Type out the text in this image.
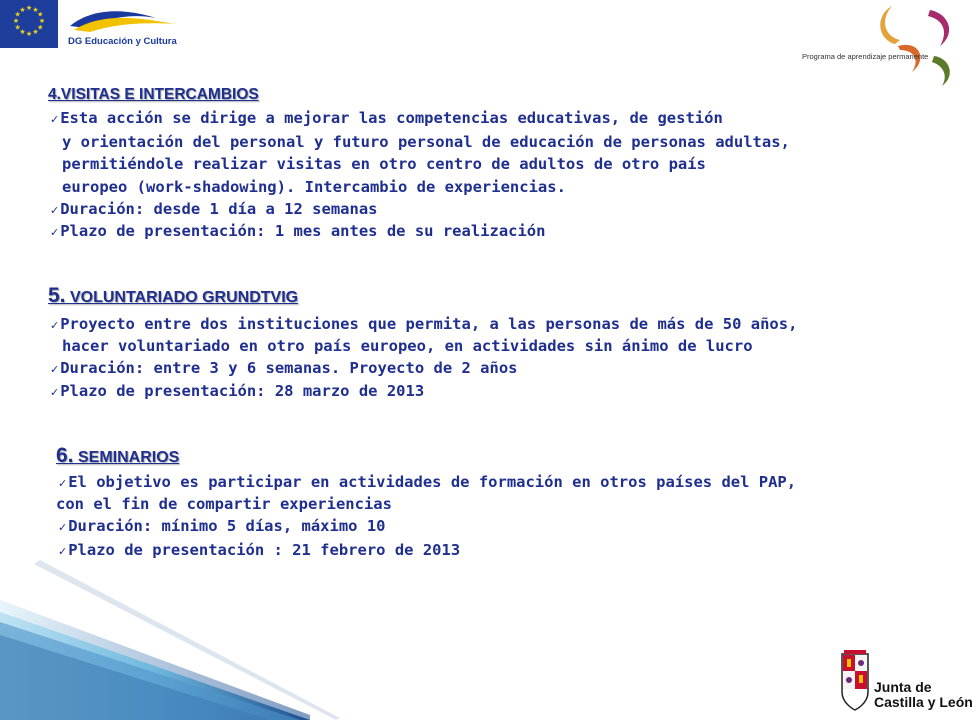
★ ★
★
★
★
★
★
★
★
★
★
★
DG Educación y Cultura
Programa de aprendizaje permanente
4.VISITAS E INTERCAMBIOS
✓Esta acción se dirige a mejorar las competencias educativas, de gestión
y orientación del personal y futuro personal de educación de personas adultas,
permitiéndole realizar visitas en otro centro de adultos de otro país
europeo (work-shadowing). Intercambio de experiencias.
✓Duración: desde 1 día a 12 semanas
✓Plazo de presentación: 1 mes antes de su realización
5. VOLUNTARIADO GRUNDTVIG
✓Proyecto entre dos instituciones que permita, a las personas de más de 50 años,
hacer voluntariado en otro país europeo, en actividades sin ánimo de lucro
✓Duración: entre 3 y 6 semanas. Proyecto de 2 años
✓Plazo de presentación: 28 marzo de 2013
6. SEMINARIOS
✓El objetivo es participar en actividades de formación en otros países del PAP,
con el fin de compartir experiencias
✓Duración: mínimo 5 días, máximo 10
✓Plazo de presentación : 21 febrero de 2013
Junta de
Castilla y León
